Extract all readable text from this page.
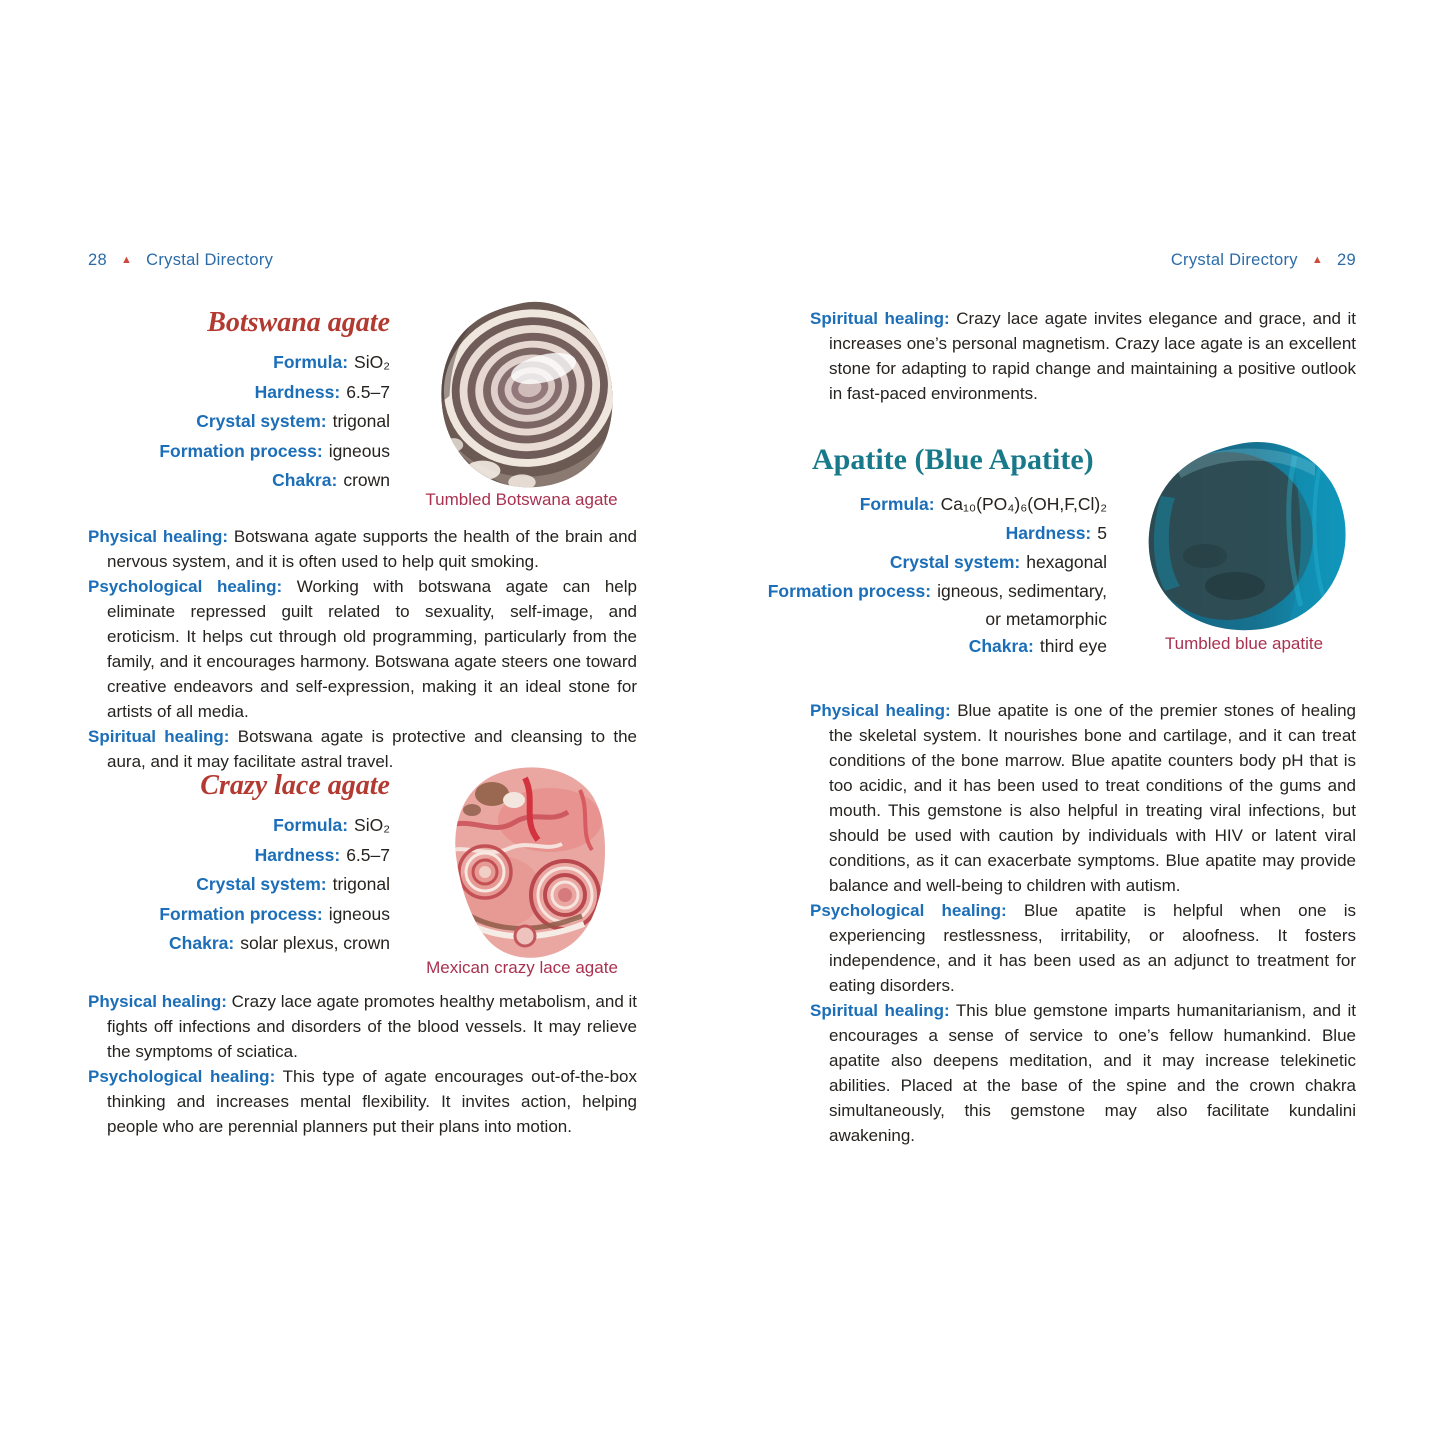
28 ▲ Crystal Directory
Botswana agate
Formula: SiO₂
Hardness: 6.5–7
Crystal system: trigonal
Formation process: igneous
Chakra: crown
Tumbled Botswana agate

Physical healing: Botswana agate supports the health of the brain and nervous system, and it is often used to help quit smoking.

Psychological healing: Working with botswana agate can help eliminate repressed guilt related to sexuality, self-image, and eroticism. It helps cut through old programming, particularly from the family, and it encourages harmony. Botswana agate steers one toward creative endeavors and self-expression, making it an ideal stone for artists of all media.

Spiritual healing: Botswana agate is protective and cleansing to the aura, and it may facilitate astral travel.

Crazy lace agate
Formula: SiO₂
Hardness: 6.5–7
Crystal system: trigonal
Formation process: igneous
Chakra: solar plexus, crown
Mexican crazy lace agate

Physical healing: Crazy lace agate promotes healthy metabolism, and it fights off infections and disorders of the blood vessels. It may relieve the symptoms of sciatica.

Psychological healing: This type of agate encourages out-of-the-box thinking and increases mental flexibility. It invites action, helping people who are perennial planners put their plans into motion.

Crystal Directory ▲ 29

Spiritual healing: Crazy lace agate invites elegance and grace, and it increases one’s personal magnetism. Crazy lace agate is an excellent stone for adapting to rapid change and maintaining a positive outlook in fast-paced environments.

Apatite (Blue Apatite)
Formula: Ca₁₀(PO₄)₆(OH,F,Cl)₂
Hardness: 5
Crystal system: hexagonal
Formation process: igneous, sedimentary,
or metamorphic
Chakra: third eye	Tumbled blue apatite

Physical healing: Blue apatite is one of the premier stones of healing the skeletal system. It nourishes bone and cartilage, and it can treat conditions of the bone marrow. Blue apatite counters body pH that is too acidic, and it has been used to treat conditions of the gums and mouth. This gemstone is also helpful in treating viral infections, but should be used with caution by individuals with HIV or latent viral conditions, as it can exacerbate symptoms. Blue apatite may provide balance and well-being to children with autism.

Psychological healing: Blue apatite is helpful when one is experiencing restlessness, irritability, or aloofness. It fosters independence, and it has been used as an adjunct to treatment for eating disorders.

Spiritual healing: This blue gemstone imparts humanitarianism, and it encourages a sense of service to one’s fellow humankind. Blue apatite also deepens meditation, and it may increase telekinetic abilities. Placed at the base of the spine and the crown chakra simultaneously, this gemstone may also facilitate kundalini awakening.
